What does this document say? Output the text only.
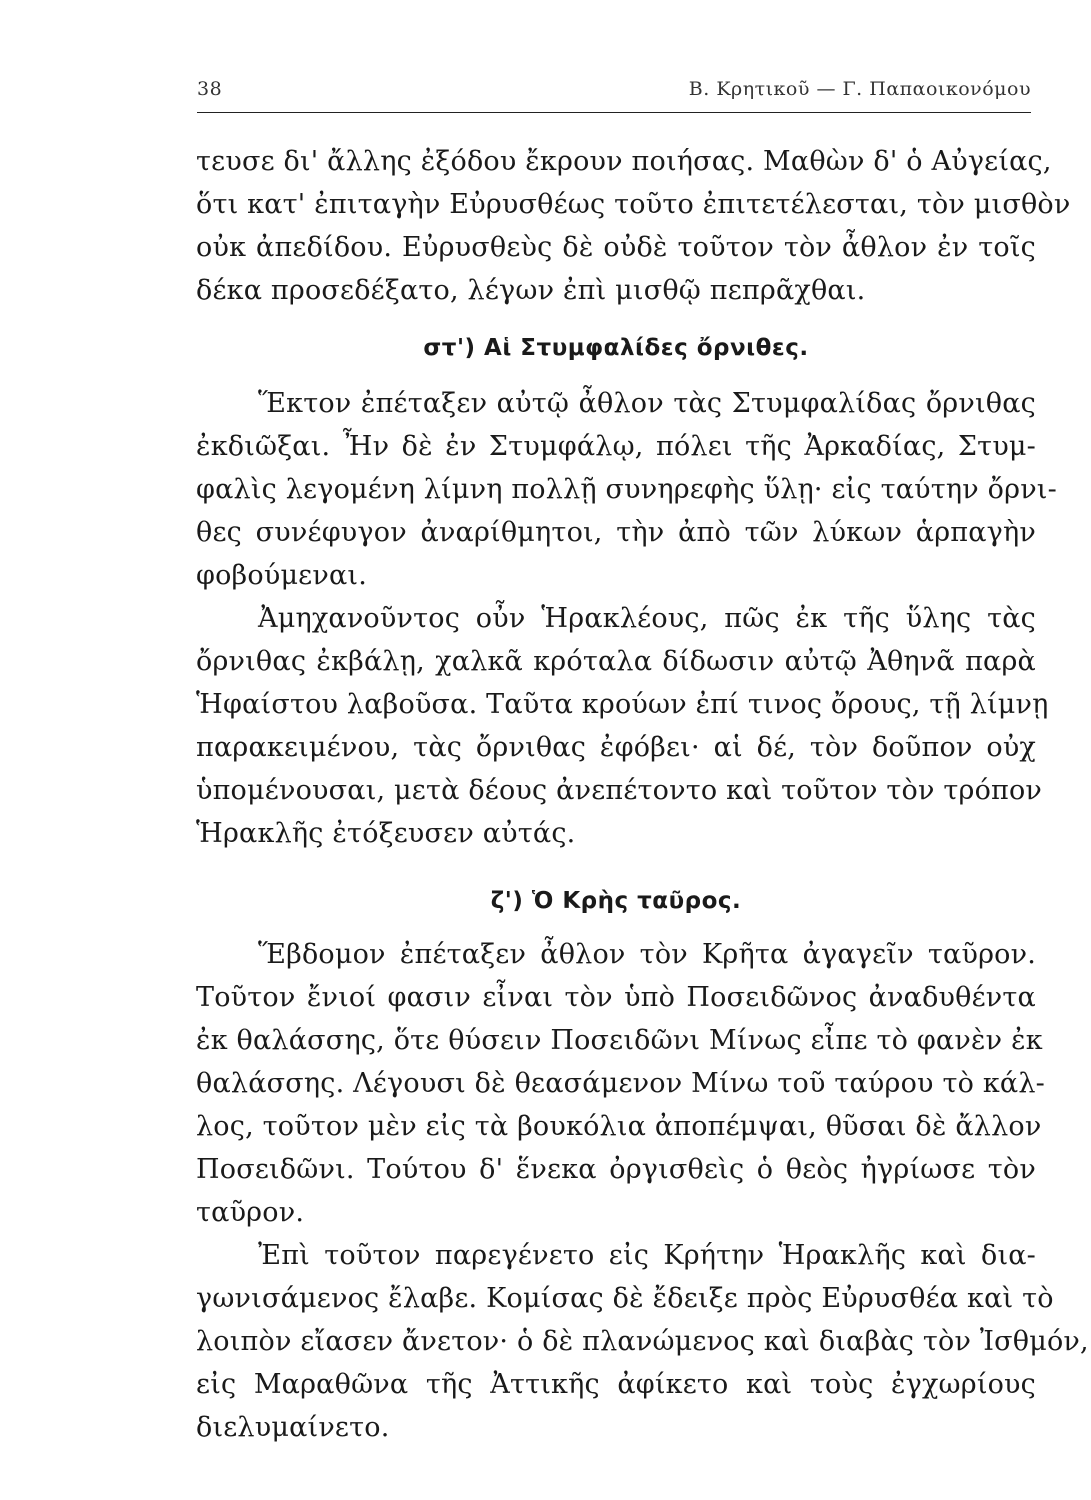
38	Β. Κρητικοῦ — Γ. Παπαοικονόμου
τευσε δι' ἄλλης ἐξόδου ἔκρουν ποιήσας. Μαθὼν δ' ὁ Αὐγείας,
ὅτι κατ' ἐπιταγὴν Εὐρυσθέως τοῦτο ἐπιτετέλεσται, τὸν μισθὸν
οὐκ ἀπεδίδου. Εὐρυσθεὺς δὲ οὐδὲ τοῦτον τὸν ἆθλον ἐν τοῖς
δέκα προσεδέξατο, λέγων ἐπὶ μισθῷ πεπρᾶχθαι.
στ') Αἱ Στυμφαλίδες ὄρνιθες.
Ἕκτον ἐπέταξεν αὐτῷ ἆθλον τὰς Στυμφαλίδας ὄρνιθας
ἐκδιῶξαι. Ἦν δὲ ἐν Στυμφάλῳ, πόλει τῆς Ἀρκαδίας, Στυμ-
φαλὶς λεγομένη λίμνη πολλῇ συνηρεφὴς ὕλῃ· εἰς ταύτην ὄρνι-
θες συνέφυγον ἀναρίθμητοι, τὴν ἀπὸ τῶν λύκων ἁρπαγὴν
φοβούμεναι.
Ἀμηχανοῦντος οὖν Ἡρακλέους, πῶς ἐκ τῆς ὕλης τὰς
ὄρνιθας ἐκβάλῃ, χαλκᾶ κρόταλα δίδωσιν αὐτῷ Ἀθηνᾶ παρὰ
Ἡφαίστου λαβοῦσα. Ταῦτα κρούων ἐπί τινος ὄρους, τῇ λίμνῃ
παρακειμένου, τὰς ὄρνιθας ἐφόβει· αἱ δέ, τὸν δοῦπον οὐχ
ὑπομένουσαι, μετὰ δέους ἀνεπέτοντο καὶ τοῦτον τὸν τρόπον
Ἡρακλῆς ἐτόξευσεν αὐτάς.
ζ') Ὁ Κρὴς ταῦρος.
Ἕβδομον ἐπέταξεν ἆθλον τὸν Κρῆτα ἀγαγεῖν ταῦρον.
Τοῦτον ἔνιοί φασιν εἶναι τὸν ὑπὸ Ποσειδῶνος ἀναδυθέντα
ἐκ θαλάσσης, ὅτε θύσειν Ποσειδῶνι Μίνως εἶπε τὸ φανὲν ἐκ
θαλάσσης. Λέγουσι δὲ θεασάμενον Μίνω τοῦ ταύρου τὸ κάλ-
λος, τοῦτον μὲν εἰς τὰ βουκόλια ἀποπέμψαι, θῦσαι δὲ ἄλλον
Ποσειδῶνι. Τούτου δ' ἕνεκα ὀργισθεὶς ὁ θεὸς ἠγρίωσε τὸν
ταῦρον.
Ἐπὶ τοῦτον παρεγένετο εἰς Κρήτην Ἡρακλῆς καὶ δια-
γωνισάμενος ἔλαβε. Κομίσας δὲ ἔδειξε πρὸς Εὐρυσθέα καὶ τὸ
λοιπὸν εἴασεν ἄνετον· ὁ δὲ πλανώμενος καὶ διαβὰς τὸν Ἰσθμόν,
εἰς Μαραθῶνα τῆς Ἀττικῆς ἀφίκετο καὶ τοὺς ἐγχωρίους
διελυμαίνετο.
